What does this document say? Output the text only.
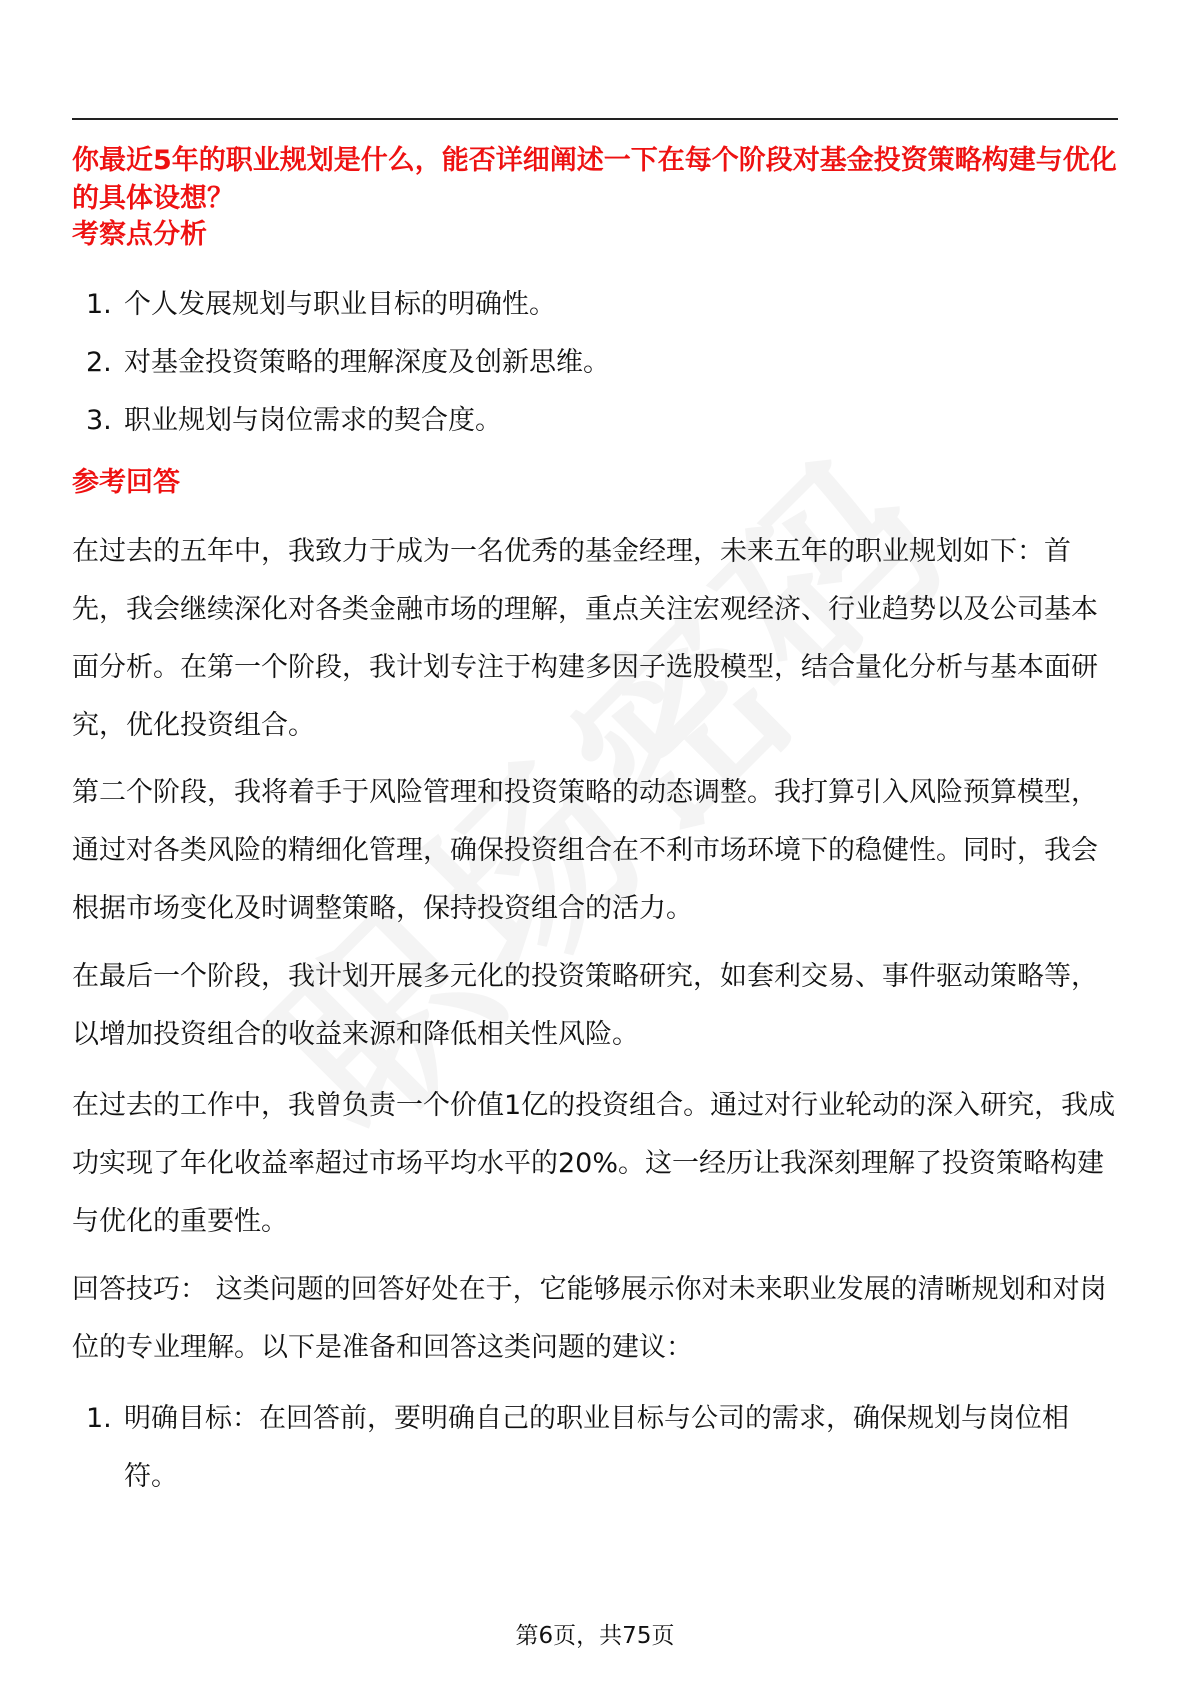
你最近5年的职业规划是什么，能否详细阐述一下在每个阶段对基金投资策略构建与优化的具体设想？
考察点分析
1. 个人发展规划与职业目标的明确性。
2. 对基金投资策略的理解深度及创新思维。
3. 职业规划与岗位需求的契合度。
参考回答

在过去的五年中，我致力于成为一名优秀的基金经理，未来五年的职业规划如下：首先，我会继续深化对各类金融市场的理解，重点关注宏观经济、行业趋势以及公司基本面分析。在第一个阶段，我计划专注于构建多因子选股模型，结合量化分析与基本面研究，优化投资组合。

第二个阶段，我将着手于风险管理和投资策略的动态调整。我打算引入风险预算模型，通过对各类风险的精细化管理，确保投资组合在不利市场环境下的稳健性。同时，我会根据市场变化及时调整策略，保持投资组合的活力。

在最后一个阶段，我计划开展多元化的投资策略研究，如套利交易、事件驱动策略等，以增加投资组合的收益来源和降低相关性风险。

在过去的工作中，我曾负责一个价值1亿的投资组合。通过对行业轮动的深入研究，我成功实现了年化收益率超过市场平均水平的20%。这一经历让我深刻理解了投资策略构建与优化的重要性。

回答技巧： 这类问题的回答好处在于，它能够展示你对未来职业发展的清晰规划和对岗位的专业理解。以下是准备和回答这类问题的建议：

1. 明确目标：在回答前，要明确自己的职业目标与公司的需求，确保规划与岗位相符。
第6页，共75页
